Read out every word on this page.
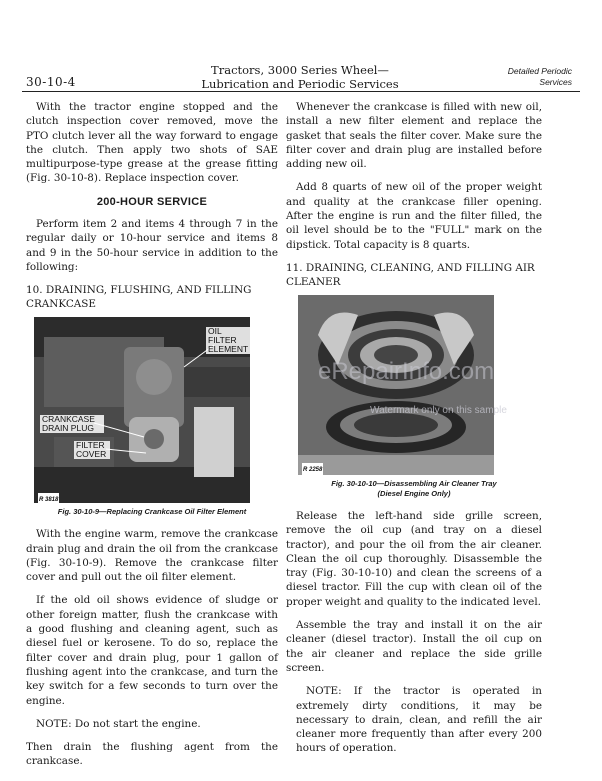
30-10-4
Tractors, 3000 Series Wheel—
Lubrication and Periodic Services
Detailed Periodic
Services

With the tractor engine stopped and the clutch inspection cover removed, move the PTO clutch lever all the way forward to engage the clutch. Then apply two shots of SAE multipurpose-type grease at the grease fitting (Fig. 30-10-8). Replace inspection cover.

200-HOUR SERVICE

Perform item 2 and items 4 through 7 in the regular daily or 10-hour service and items 8 and 9 in the 50-hour service in addition to the following:

10. DRAINING, FLUSHING, AND FILLING CRANKCASE
OIL FILTER ELEMENT
CRANKCASE DRAIN PLUG
FILTER COVER
R 3818
Fig. 30-10-9—Replacing Crankcase Oil Filter Element

With the engine warm, remove the crankcase drain plug and drain the oil from the crankcase (Fig. 30-10-9). Remove the crankcase filter cover and pull out the oil filter element.

If the old oil shows evidence of sludge or other foreign matter, flush the crankcase with a good flushing and cleaning agent, such as diesel fuel or kerosene. To do so, replace the filter cover and drain plug, pour 1 gallon of flushing agent into the crankcase, and turn the key switch for a few seconds to turn over the engine.

NOTE: Do not start the engine.

Then drain the flushing agent from the crankcase.

Whenever the crankcase is filled with new oil, install a new filter element and replace the gasket that seals the filter cover. Make sure the filter cover and drain plug are installed before adding new oil.

Add 8 quarts of new oil of the proper weight and quality at the crankcase filler opening. After the engine is run and the filter filled, the oil level should be to the "FULL" mark on the dipstick. Total capacity is 8 quarts.

11. DRAINING, CLEANING, AND FILLING AIR CLEANER
R 2258
Fig. 30-10-10—Disassembling Air Cleaner Tray
(Diesel Engine Only)

Release the left-hand side grille screen, remove the oil cup (and tray on a diesel tractor), and pour the oil from the air cleaner. Clean the oil cup thoroughly. Disassemble the tray (Fig. 30-10-10) and clean the screens of a diesel tractor. Fill the cup with clean oil of the proper weight and quality to the indicated level.

Assemble the tray and install it on the air cleaner (diesel tractor). Install the oil cup on the air cleaner and replace the side grille screen.

NOTE: If the tractor is operated in extremely dirty conditions, it may be necessary to drain, clean, and refill the air cleaner more frequently than after every 200 hours of operation.

eRepairInfo.com
Watermark only on this sample
